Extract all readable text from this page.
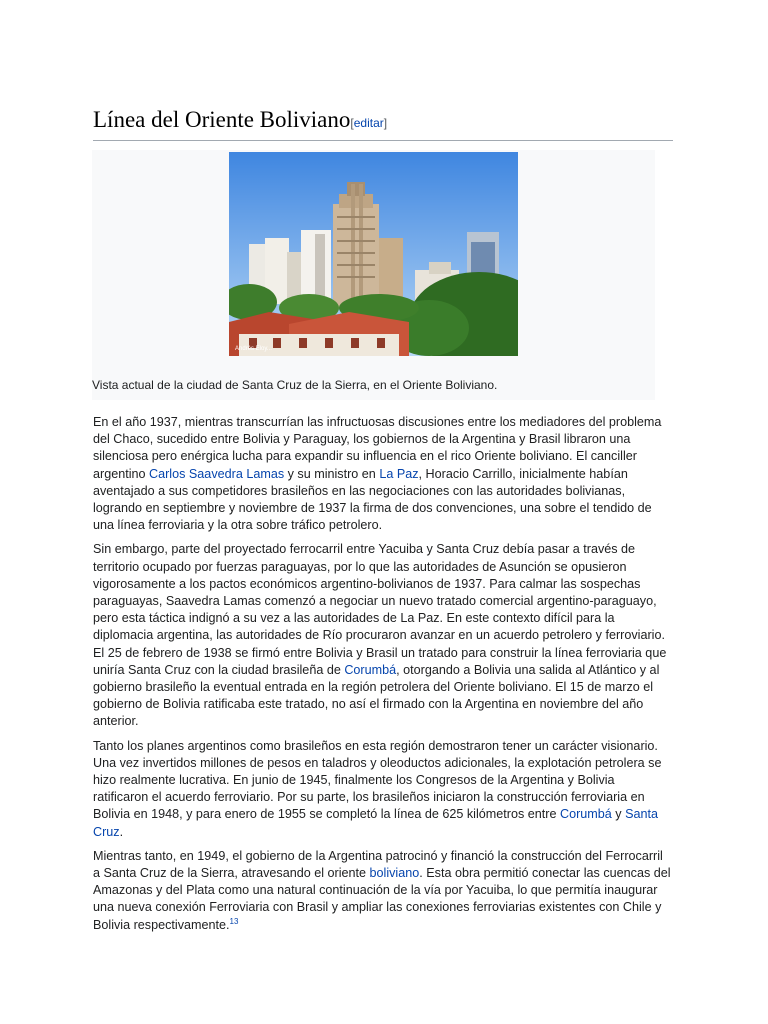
Línea del Oriente Boliviano[editar]
Andrés Eloy...
Vista actual de la ciudad de Santa Cruz de la Sierra, en el Oriente Boliviano.

En el año 1937, mientras transcurrían las infructuosas discusiones entre los mediadores del problema del Chaco, sucedido entre Bolivia y Paraguay, los gobiernos de la Argentina y Brasil libraron una silenciosa pero enérgica lucha para expandir su influencia en el rico Oriente boliviano. El canciller argentino Carlos Saavedra Lamas y su ministro en La Paz, Horacio Carrillo, inicialmente habían aventajado a sus competidores brasileños en las negociaciones con las autoridades bolivianas, logrando en septiembre y noviembre de 1937 la firma de dos convenciones, una sobre el tendido de una línea ferroviaria y la otra sobre tráfico petrolero.

Sin embargo, parte del proyectado ferrocarril entre Yacuiba y Santa Cruz debía pasar a través de territorio ocupado por fuerzas paraguayas, por lo que las autoridades de Asunción se opusieron vigorosamente a los pactos económicos argentino-bolivianos de 1937. Para calmar las sospechas paraguayas, Saavedra Lamas comenzó a negociar un nuevo tratado comercial argentino-paraguayo, pero esta táctica indignó a su vez a las autoridades de La Paz. En este contexto difícil para la diplomacia argentina, las autoridades de Río procuraron avanzar en un acuerdo petrolero y ferroviario. El 25 de febrero de 1938 se firmó entre Bolivia y Brasil un tratado para construir la línea ferroviaria que uniría Santa Cruz con la ciudad brasileña de Corumbá, otorgando a Bolivia una salida al Atlántico y al gobierno brasileño la eventual entrada en la región petrolera del Oriente boliviano. El 15 de marzo el gobierno de Bolivia ratificaba este tratado, no así el firmado con la Argentina en noviembre del año anterior.

Tanto los planes argentinos como brasileños en esta región demostraron tener un carácter visionario. Una vez invertidos millones de pesos en taladros y oleoductos adicionales, la explotación petrolera se hizo realmente lucrativa. En junio de 1945, finalmente los Congresos de la Argentina y Bolivia ratificaron el acuerdo ferroviario. Por su parte, los brasileños iniciaron la construcción ferroviaria en Bolivia en 1948, y para enero de 1955 se completó la línea de 625 kilómetros entre Corumbá y Santa Cruz.

Mientras tanto, en 1949, el gobierno de la Argentina patrocinó y financió la construcción del Ferrocarril a Santa Cruz de la Sierra, atravesando el oriente boliviano. Esta obra permitió conectar las cuencas del Amazonas y del Plata como una natural continuación de la vía por Yacuiba, lo que permitía inaugurar una nueva conexión Ferroviaria con Brasil y ampliar las conexiones ferroviarias existentes con Chile y Bolivia respectivamente.$^{13}$
